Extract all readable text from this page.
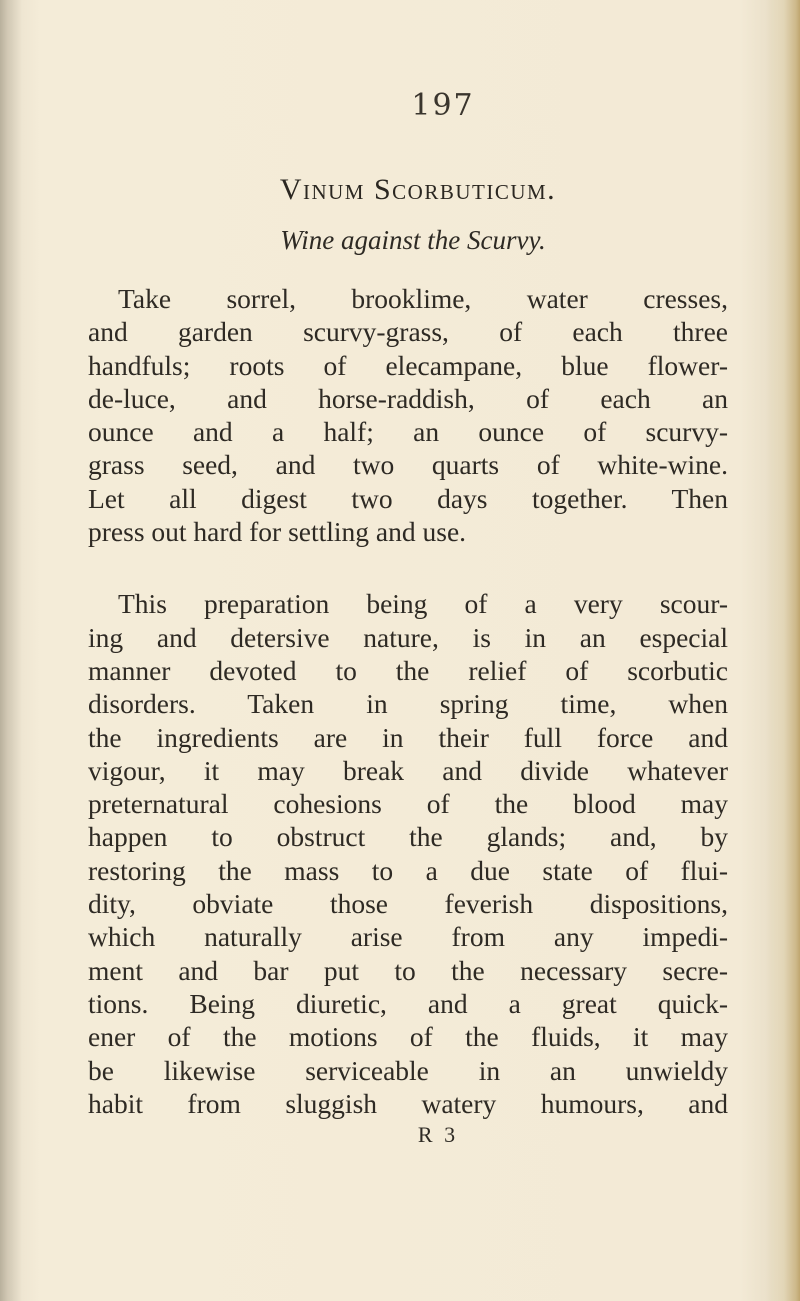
197
Vinum Scorbuticum.
Wine against the Scurvy.
Take sorrel, brooklime, water cresses,
and garden scurvy-grass, of each three
handfuls; roots of elecampane, blue flower-
de-luce, and horse-raddish, of each an
ounce and a half; an ounce of scurvy-
grass seed, and two quarts of white-wine.
Let all digest two days together. Then
press out hard for settling and use.
This preparation being of a very scour-
ing and detersive nature, is in an especial
manner devoted to the relief of scorbutic
disorders. Taken in spring time, when
the ingredients are in their full force and
vigour, it may break and divide whatever
preternatural cohesions of the blood may
happen to obstruct the glands; and, by
restoring the mass to a due state of flui-
dity, obviate those feverish dispositions,
which naturally arise from any impedi-
ment and bar put to the necessary secre-
tions. Being diuretic, and a great quick-
ener of the motions of the fluids, it may
be likewise serviceable in an unwieldy
habit from sluggish watery humours, and
R 3
